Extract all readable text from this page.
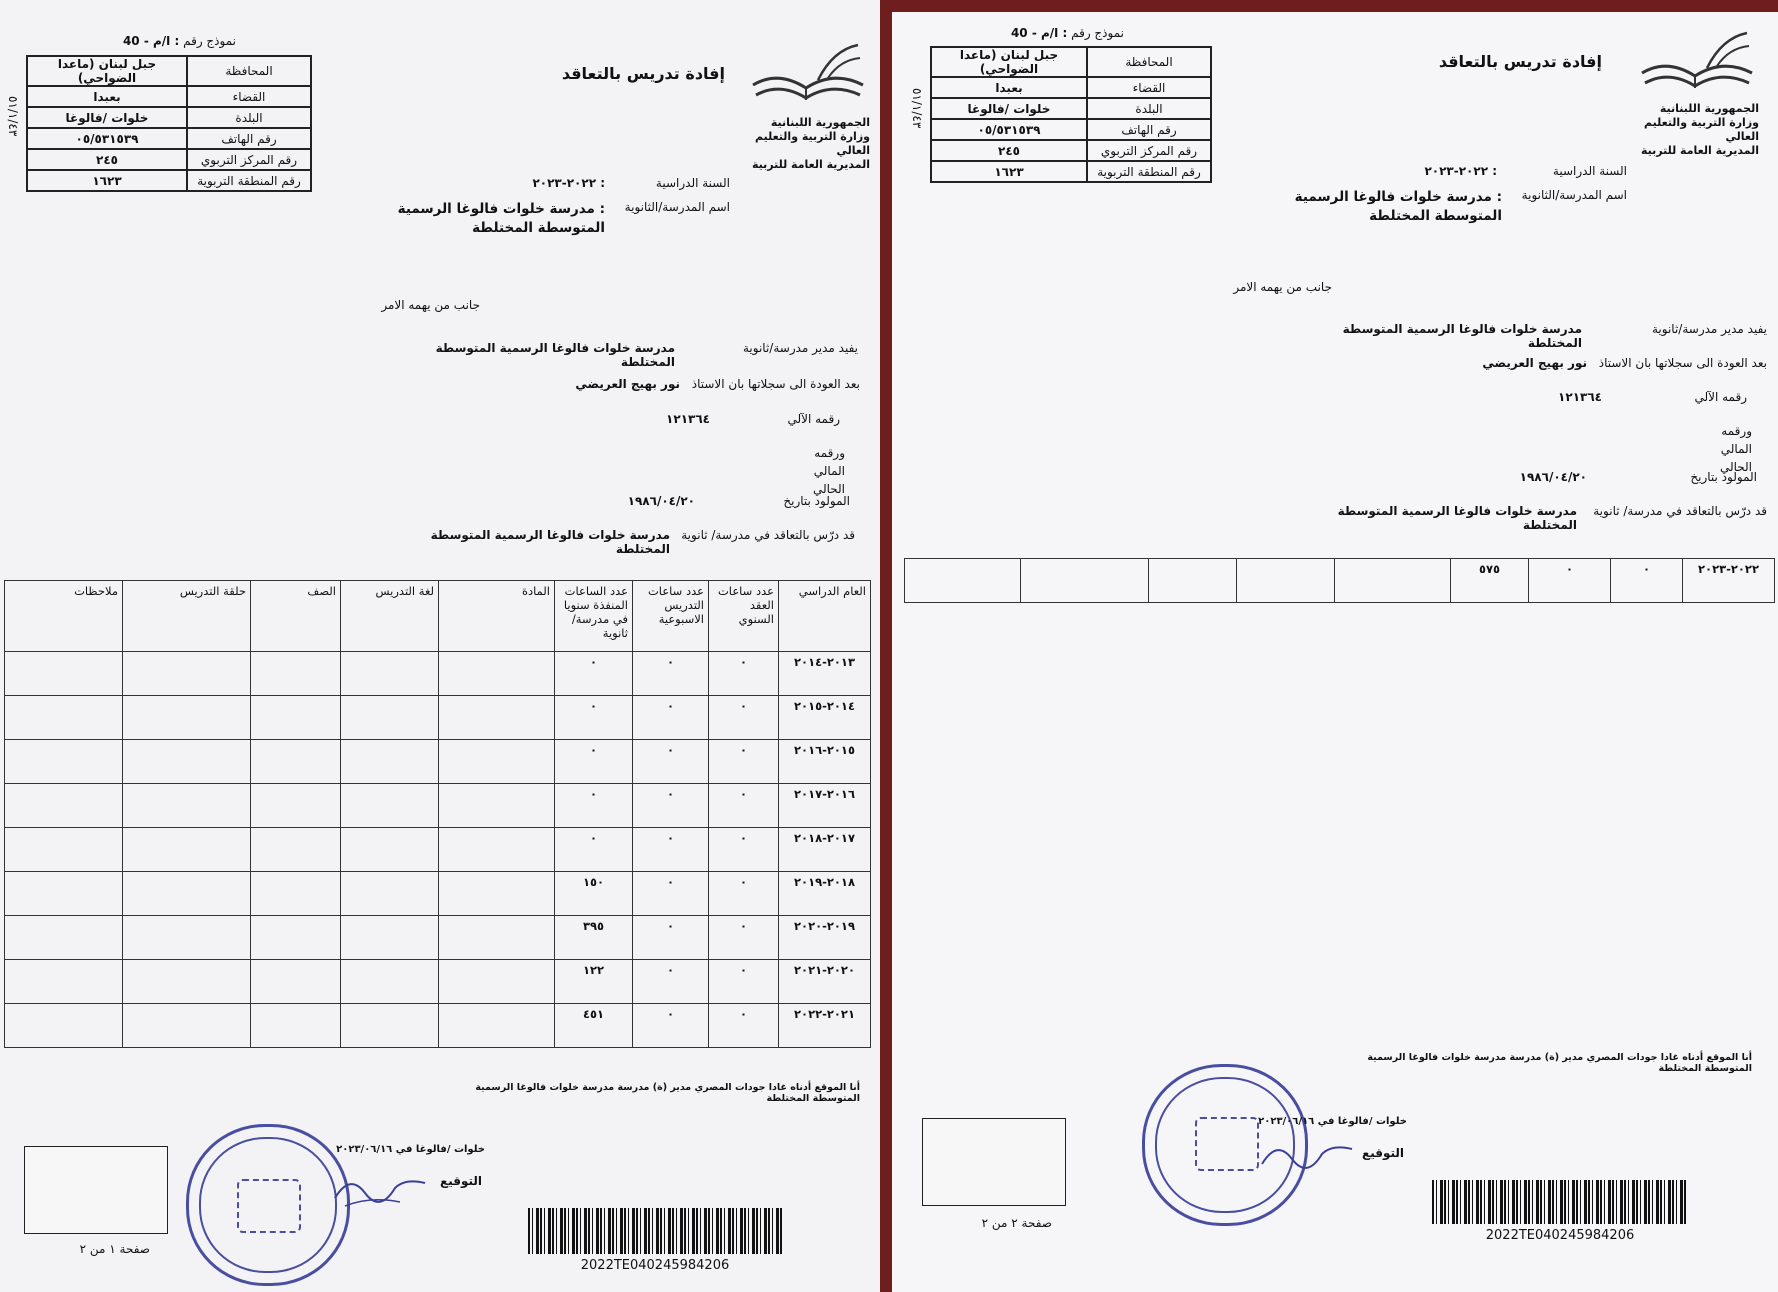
نموذج رقم : ا/م - 40
المحافظة	جبل لبنان (ماعدا الضواحي)
القضاء	بعبدا
البلدة	خلوات /فالوغا
رقم الهاتف	٠٥/٥٣١٥٣٩
رقم المركز التربوي	٢٤٥
رقم المنطقة التربوية	١٦٢٣
٥١/١/٤٣
إفادة تدريس بالتعاقد
الجمهورية اللبنانية
وزارة التربية والتعليم العالي
المديرية العامة للتربية
السنة الدراسية
: ٢٠٢٢-٢٠٢٣
اسم المدرسة/الثانوية
: مدرسة خلوات فالوغا الرسمية المتوسطة المختلطة
جانب من يهمه الامر
يفيد مدير مدرسة/ثانوية
مدرسة خلوات فالوغا الرسمية المتوسطة المختلطة
بعد العودة الى سجلاتها بان الاستاذ
نور بهيج العريضي
رقمه الآلي
١٢١٣٦٤
ورقمه المالي الحالي
المولود بتاريخ
١٩٨٦/٠٤/٢٠
قد درّس بالتعاقد في مدرسة/ ثانوية
مدرسة خلوات فالوغا الرسمية المتوسطة المختلطة
العام الدراسي	عدد ساعات العقد السنوي	عدد ساعات التدريس الاسبوعية	عدد الساعات المنفذة سنويا في مدرسة/ثانوية	المادة	لغة التدريس	الصف	حلقة التدريس	ملاحظات
٢٠١٣-٢٠١٤	٠	٠	٠					
٢٠١٤-٢٠١٥	٠	٠	٠					
٢٠١٥-٢٠١٦	٠	٠	٠					
٢٠١٦-٢٠١٧	٠	٠	٠					
٢٠١٧-٢٠١٨	٠	٠	٠					
٢٠١٨-٢٠١٩	٠	٠	١٥٠					
٢٠١٩-٢٠٢٠	٠	٠	٣٩٥					
٢٠٢٠-٢٠٢١	٠	٠	١٢٢					
٢٠٢١-٢٠٢٢	٠	٠	٤٥١					
أنا الموقع أدناه غادا جودات المصري مدير (ة) مدرسة مدرسة خلوات فالوغا الرسمية المتوسطة المختلطة
خلوات /فالوغا في ٢٠٢٣/٠٦/١٦
التوقيع
2022TE040245984206
صفحة ١ من ٢
نموذج رقم : ا/م - 40
المحافظة	جبل لبنان (ماعدا الضواحي)
القضاء	بعبدا
البلدة	خلوات /فالوغا
رقم الهاتف	٠٥/٥٣١٥٣٩
رقم المركز التربوي	٢٤٥
رقم المنطقة التربوية	١٦٢٣
٥١/١/٤٣
إفادة تدريس بالتعاقد
الجمهورية اللبنانية
وزارة التربية والتعليم العالي
المديرية العامة للتربية
السنة الدراسية
: ٢٠٢٢-٢٠٢٣
اسم المدرسة/الثانوية
: مدرسة خلوات فالوغا الرسمية المتوسطة المختلطة
جانب من يهمه الامر
يفيد مدير مدرسة/ثانوية
مدرسة خلوات فالوغا الرسمية المتوسطة المختلطة
بعد العودة الى سجلاتها بان الاستاذ
نور بهيج العريضي
رقمه الآلي
١٢١٣٦٤
ورقمه المالي الحالي
المولود بتاريخ
١٩٨٦/٠٤/٢٠
قد درّس بالتعاقد في مدرسة/ ثانوية
مدرسة خلوات فالوغا الرسمية المتوسطة المختلطة
٢٠٢٢-٢٠٢٣	٠	٠	٥٧٥					
أنا الموقع أدناه غادا جودات المصري مدير (ة) مدرسة مدرسة خلوات فالوغا الرسمية المتوسطة المختلطة
خلوات /فالوغا في ٢٠٢٣/٠٦/١٦
التوقيع
2022TE040245984206
صفحة ٢ من ٢
